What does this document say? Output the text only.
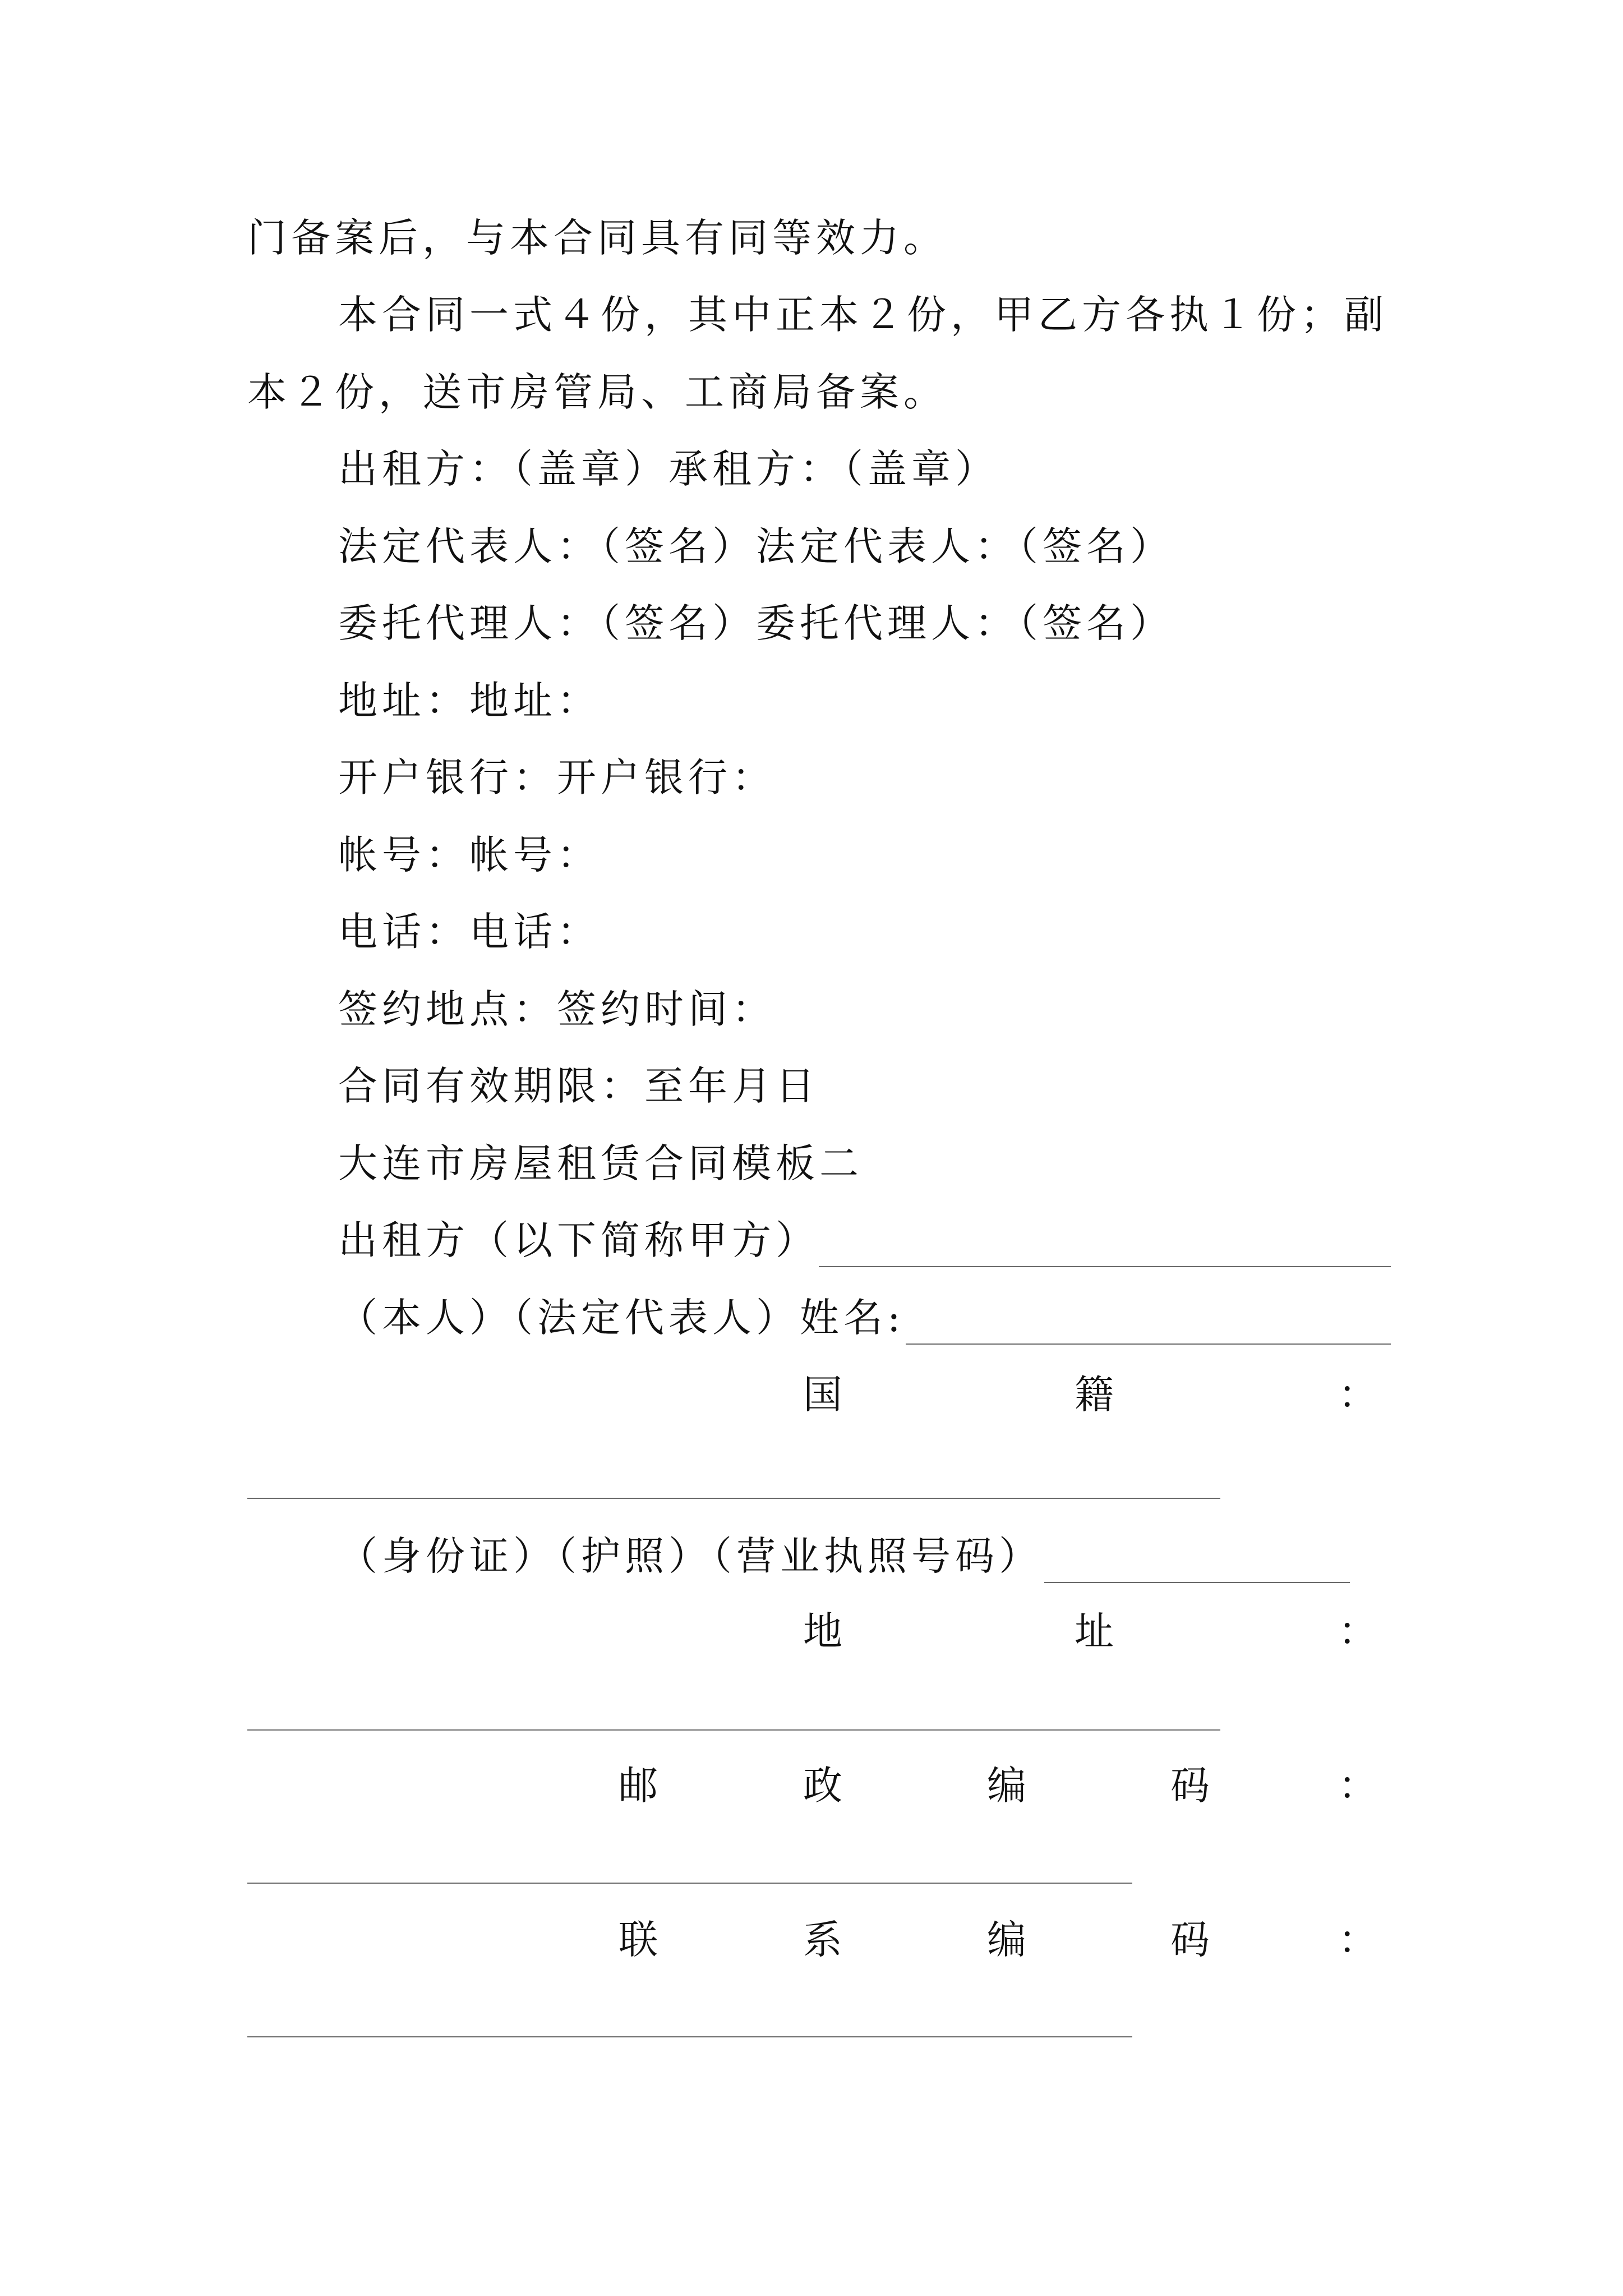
门备案后，与本合同具有同等效力。
本合同一式４份，其中正本２份，甲乙方各执１份；副
本２份，送市房管局、工商局备案。
出租方：（盖章）承租方：（盖章）
法定代表人：（签名）法定代表人：（签名）
委托代理人：（签名）委托代理人：（签名）
地址：地址：
开户银行：开户银行：
帐号：帐号：
电话：电话：
签约地点：签约时间：
合同有效期限：至年月日
大连市房屋租赁合同模板二
出租方（以下简称甲方）
（本人）（法定代表人）姓名:
国	籍	：
（身份证）（护照）（营业执照号码）
地	址	：
邮	政	编	码	：
联	系	编	码	：
